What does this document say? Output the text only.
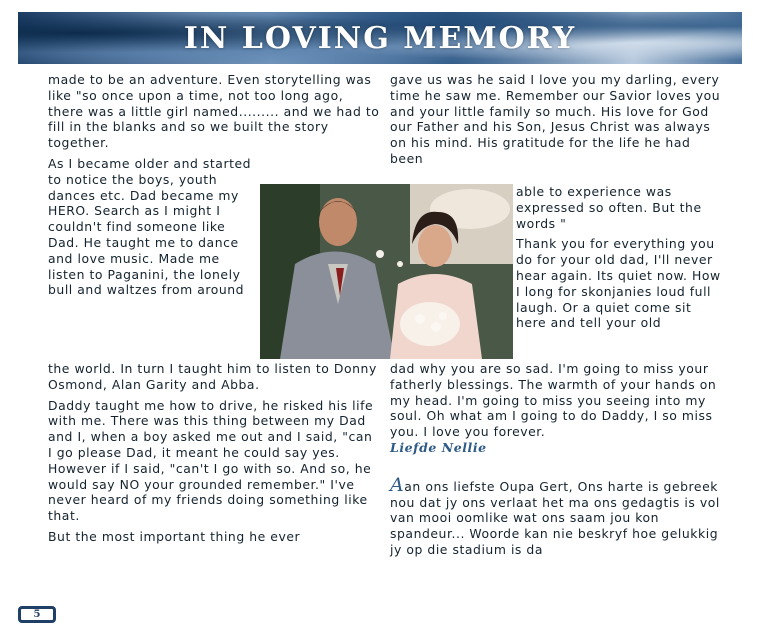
IN LOVING MEMORY

made to be an adventure. Even storytelling was like "so once upon a time, not too long ago, there was a little girl named......... and we had to fill in the blanks and so we built the story together.

As I became older and started to notice the boys, youth dances etc. Dad became my HERO. Search as I might I couldn't find someone like Dad. He taught me to dance and love music. Made me listen to Paganini, the lonely bull and waltzes from around

the world. In turn I taught him to listen to Donny Osmond, Alan Garity and Abba.

Daddy taught me how to drive, he risked his life with me. There was this thing between my Dad and I, when a boy asked me out and I said, "can I go please Dad, it meant he could say yes. However if I said, "can't I go with so. And so, he would say NO your grounded remember." I've never heard of my friends doing something like that.

But the most important thing he ever

gave us was he said I love you my darling, every time he saw me. Remember our Savior loves you and your little family so much. His love for God our Father and his Son, Jesus Christ was always on his mind. His gratitude for the life he had been

able to experience was expressed so often. But the words "

Thank you for everything you do for your old dad, I'll never hear again. Its quiet now. How I long for skonjanies loud full laugh. Or a quiet come sit here and tell your old

dad why you are so sad. I'm going to miss your fatherly blessings. The warmth of your hands on my head. I'm going to miss you seeing into my soul. Oh what am I going to do Daddy, I so miss you. I love you forever.

Liefde Nellie

Aan ons liefste Oupa Gert, Ons harte is gebreek nou dat jy ons verlaat het ma ons gedagtis is vol van mooi oomlike wat ons saam jou kon spandeur... Woorde kan nie beskryf hoe gelukkig jy op die stadium is da

5
